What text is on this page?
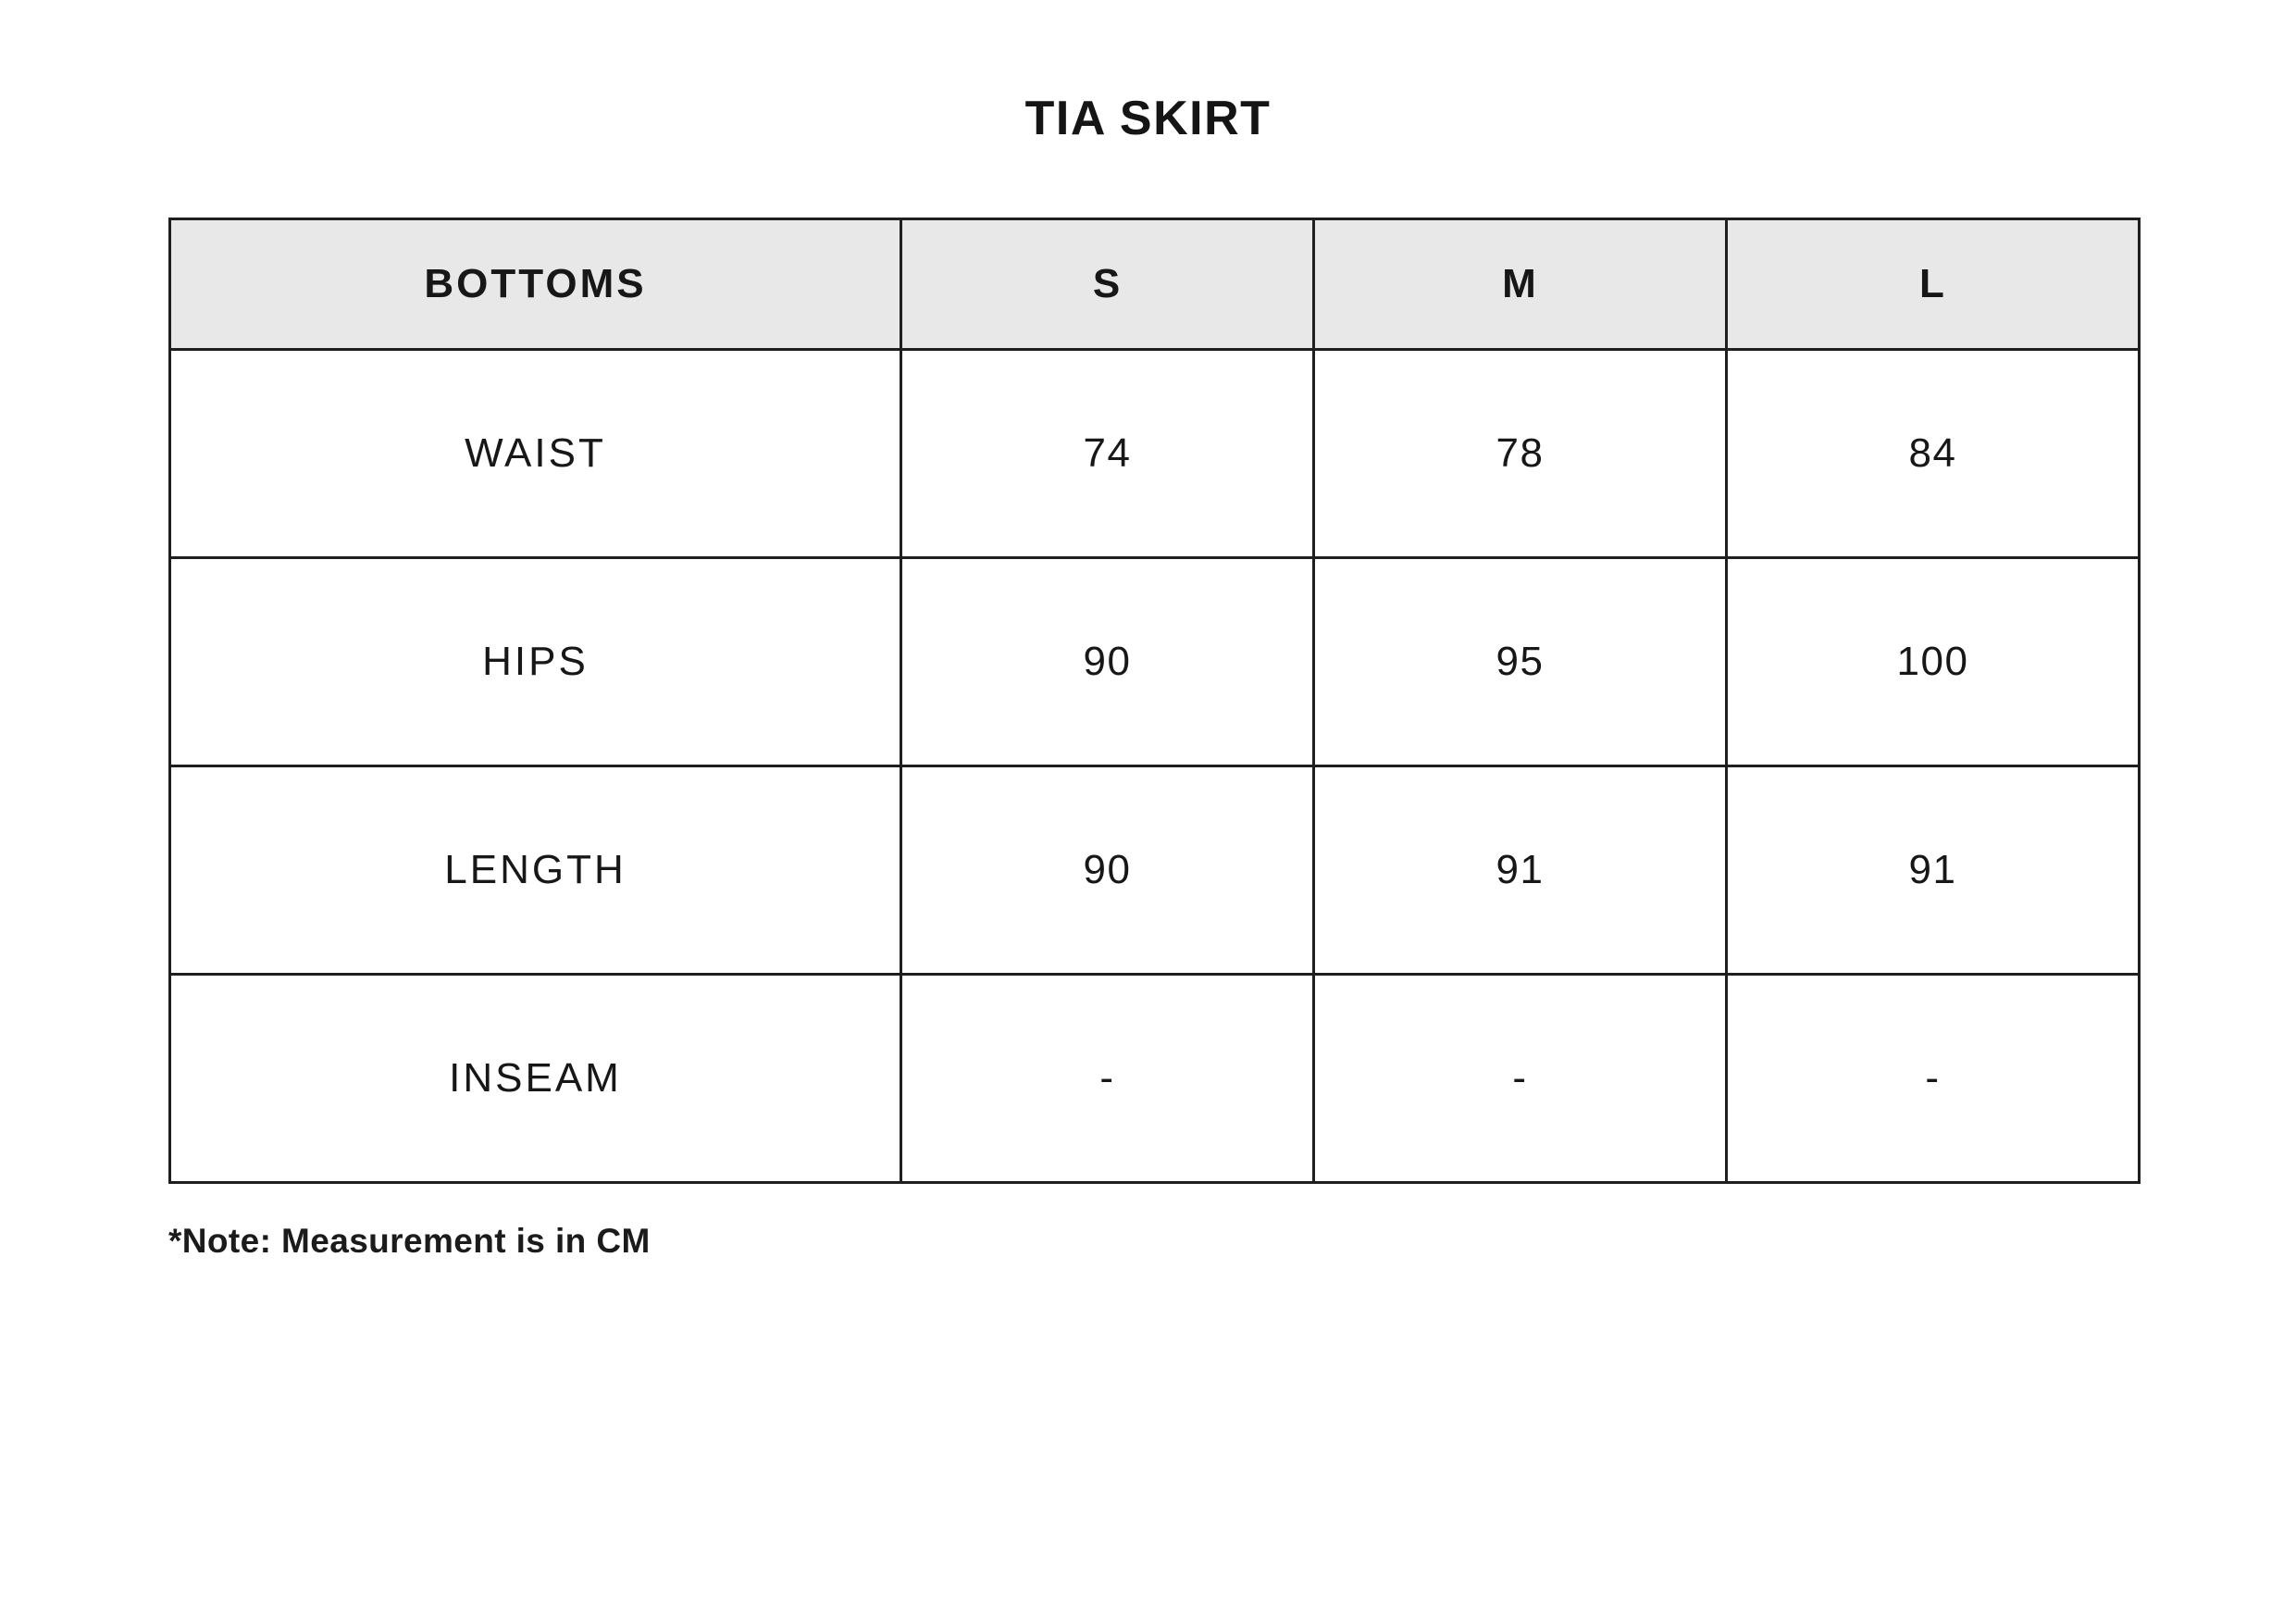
TIA SKIRT
BOTTOMS	S	M	L
WAIST	74	78	84
HIPS	90	95	100
LENGTH	90	91	91
INSEAM	-	-	-
*Note: Measurement is in CM
